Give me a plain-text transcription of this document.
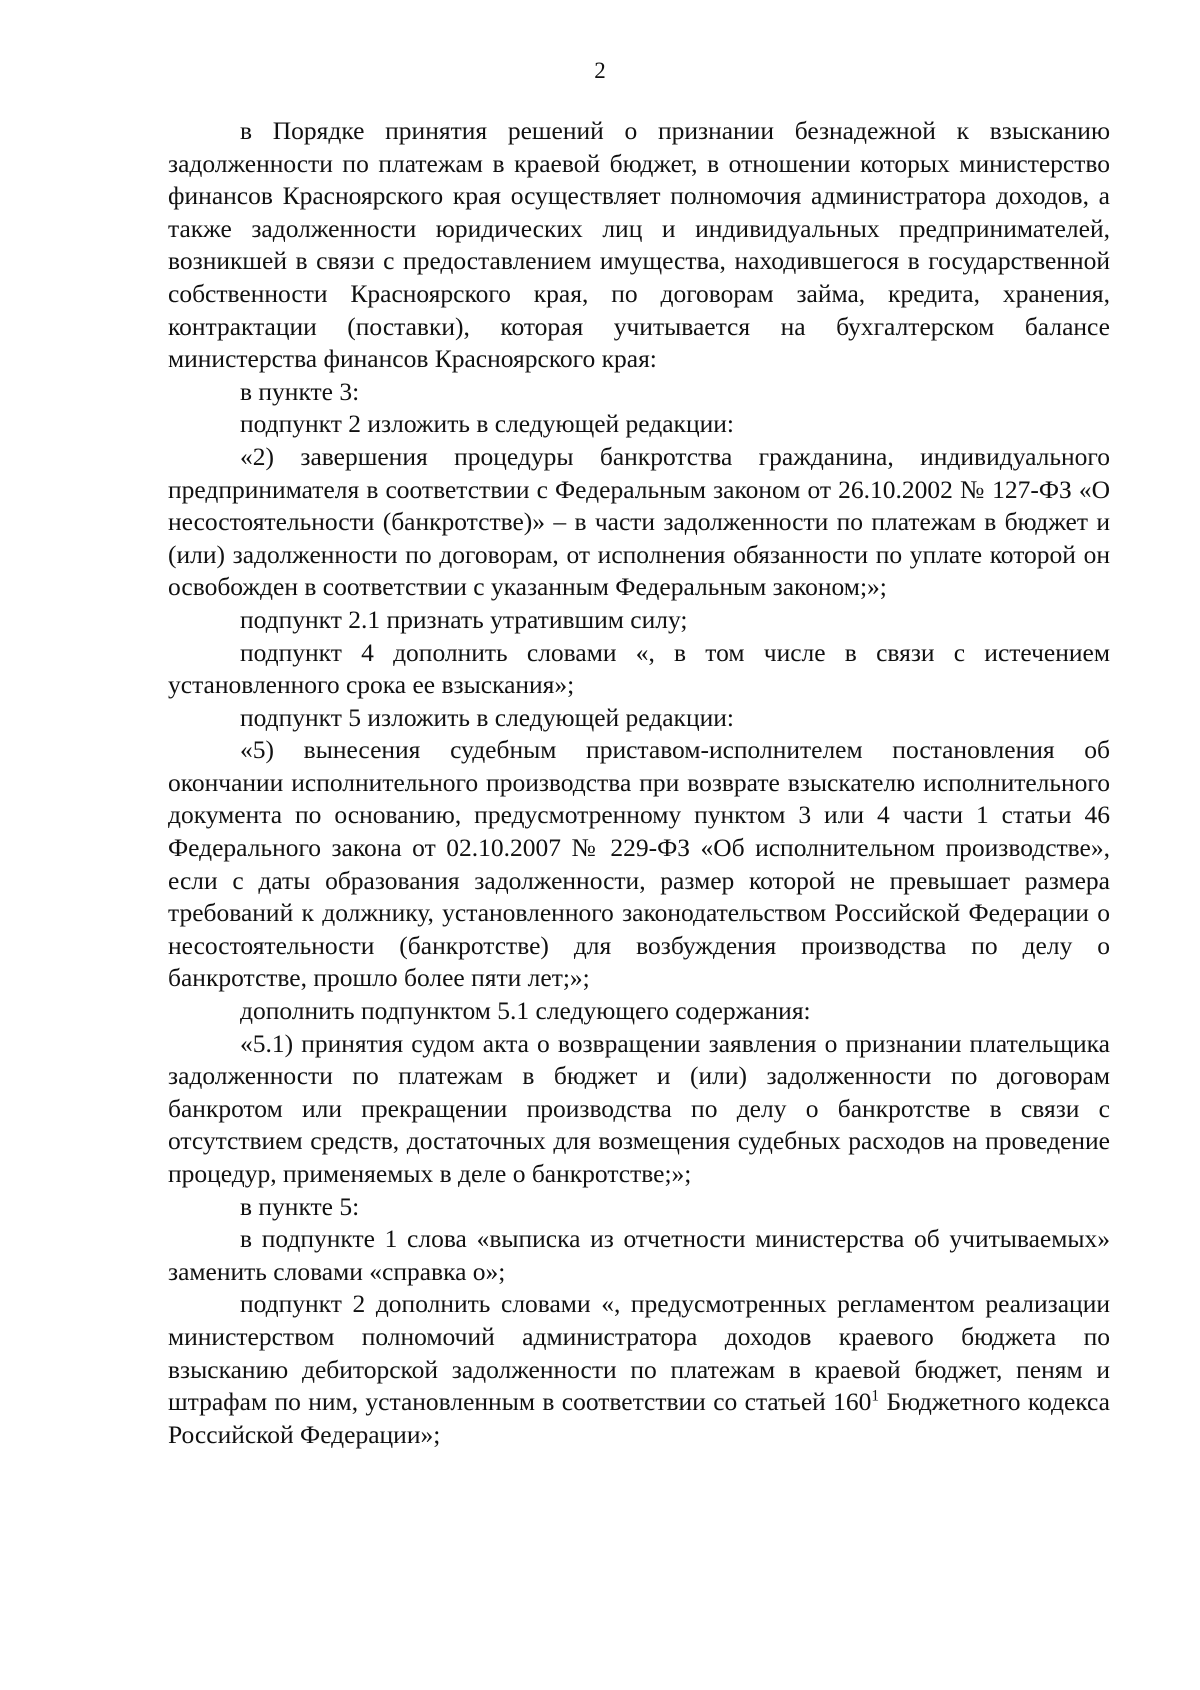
2

в Порядке принятия решений о признании безнадежной к взысканию задолженности по платежам в краевой бюджет, в отношении которых министерство финансов Красноярского края осуществляет полномочия администратора доходов, а также задолженности юридических лиц и индивидуальных предпринимателей, возникшей в связи с предоставлением имущества, находившегося в государственной собственности Красноярского края, по договорам займа, кредита, хранения, контрактации (поставки), которая учитывается на бухгалтерском балансе министерства финансов Красноярского края:

в пункте 3:

подпункт 2 изложить в следующей редакции:

«2) завершения процедуры банкротства гражданина, индивидуального предпринимателя в соответствии с Федеральным законом от 26.10.2002 № 127-ФЗ «О несостоятельности (банкротстве)» – в части задолженности по платежам в бюджет и (или) задолженности по договорам, от исполнения обязанности по уплате которой он освобожден в соответствии с указанным Федеральным законом;»;

подпункт 2.1 признать утратившим силу;

подпункт 4 дополнить словами «, в том числе в связи с истечением установленного срока ее взыскания»;

подпункт 5 изложить в следующей редакции:

«5) вынесения судебным приставом-исполнителем постановления об окончании исполнительного производства при возврате взыскателю исполнительного документа по основанию, предусмотренному пунктом 3 или 4 части 1 статьи 46 Федерального закона от 02.10.2007 № 229-ФЗ «Об исполнительном производстве», если с даты образования задолженности, размер которой не превышает размера требований к должнику, установленного законодательством Российской Федерации о несостоятельности (банкротстве) для возбуждения производства по делу о банкротстве, прошло более пяти лет;»;

дополнить подпунктом 5.1 следующего содержания:

«5.1) принятия судом акта о возвращении заявления о признании плательщика задолженности по платежам в бюджет и (или) задолженности по договорам банкротом или прекращении производства по делу о банкротстве в связи с отсутствием средств, достаточных для возмещения судебных расходов на проведение процедур, применяемых в деле о банкротстве;»;

в пункте 5:

в подпункте 1 слова «выписка из отчетности министерства об учитываемых» заменить словами «справка о»;

подпункт 2 дополнить словами «, предусмотренных регламентом реализации министерством полномочий администратора доходов краевого бюджета по взысканию дебиторской задолженности по платежам в краевой бюджет, пеням и штрафам по ним, установленным в соответствии со статьей $160^1$ Бюджетного кодекса Российской Федерации»;
